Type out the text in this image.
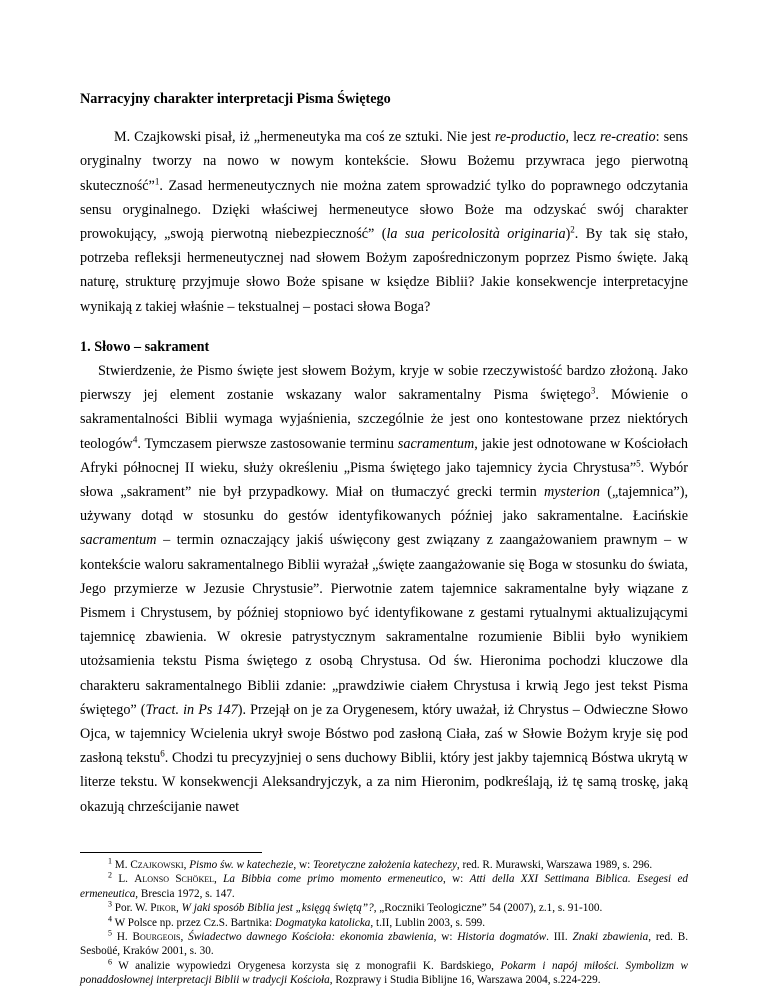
Narracyjny charakter interpretacji Pisma Świętego

M. Czajkowski pisał, iż „hermeneutyka ma coś ze sztuki. Nie jest re-productio, lecz re-creatio: sens oryginalny tworzy na nowo w nowym kontekście. Słowu Bożemu przywraca jego pierwotną skuteczność”$^1$. Zasad hermeneutycznych nie można zatem sprowadzić tylko do poprawnego odczytania sensu oryginalnego. Dzięki właściwej hermeneutyce słowo Boże ma odzyskać swój charakter prowokujący, „swoją pierwotną niebezpieczność” (la sua pericolosità originaria)$^2$. By tak się stało, potrzeba refleksji hermeneutycznej nad słowem Bożym zapośredniczonym poprzez Pismo święte. Jaką naturę, strukturę przyjmuje słowo Boże spisane w księdze Biblii? Jakie konsekwencje interpretacyjne wynikają z takiej właśnie – tekstualnej – postaci słowa Boga?

1. Słowo – sakrament

Stwierdzenie, że Pismo święte jest słowem Bożym, kryje w sobie rzeczywistość bardzo złożoną. Jako pierwszy jej element zostanie wskazany walor sakramentalny Pisma świętego$^3$. Mówienie o sakramentalności Biblii wymaga wyjaśnienia, szczególnie że jest ono kontestowane przez niektórych teologów$^4$. Tymczasem pierwsze zastosowanie terminu sacramentum, jakie jest odnotowane w Kościołach Afryki północnej II wieku, służy określeniu „Pisma świętego jako tajemnicy życia Chrystusa”$^5$. Wybór słowa „sakrament” nie był przypadkowy. Miał on tłumaczyć grecki termin mysterion („tajemnica”), używany dotąd w stosunku do gestów identyfikowanych później jako sakramentalne. Łacińskie sacramentum – termin oznaczający jakiś uświęcony gest związany z zaangażowaniem prawnym – w kontekście waloru sakramentalnego Biblii wyrażał „święte zaangażowanie się Boga w stosunku do świata, Jego przymierze w Jezusie Chrystusie”. Pierwotnie zatem tajemnice sakramentalne były wiązane z Pismem i Chrystusem, by później stopniowo być identyfikowane z gestami rytualnymi aktualizującymi tajemnicę zbawienia. W okresie patrystycznym sakramentalne rozumienie Biblii było wynikiem utożsamienia tekstu Pisma świętego z osobą Chrystusa. Od św. Hieronima pochodzi kluczowe dla charakteru sakramentalnego Biblii zdanie: „prawdziwie ciałem Chrystusa i krwią Jego jest tekst Pisma świętego” (Tract. in Ps 147). Przejął on je za Orygenesem, który uważał, iż Chrystus – Odwieczne Słowo Ojca, w tajemnicy Wcielenia ukrył swoje Bóstwo pod zasłoną Ciała, zaś w Słowie Bożym kryje się pod zasłoną tekstu$^6$. Chodzi tu precyzyjniej o sens duchowy Biblii, który jest jakby tajemnicą Bóstwa ukrytą w literze tekstu. W konsekwencji Aleksandryjczyk, a za nim Hieronim, podkreślają, iż tę samą troskę, jaką okazują chrześcijanie nawet

$^1$ M. Czajkowski, Pismo św. w katechezie, w: Teoretyczne założenia katechezy, red. R. Murawski, Warszawa 1989, s. 296.

$^2$ L. Alonso Schökel, La Bibbia come primo momento ermeneutico, w: Atti della XXI Settimana Biblica. Esegesi ed ermeneutica, Brescia 1972, s. 147.

$^3$ Por. W. Pikor, W jaki sposób Biblia jest „księgą świętą”?, „Roczniki Teologiczne” 54 (2007), z.1, s. 91-100.

$^4$ W Polsce np. przez Cz.S. Bartnika: Dogmatyka katolicka, t.II, Lublin 2003, s. 599.

$^5$ H. Bourgeois, Świadectwo dawnego Kościoła: ekonomia zbawienia, w: Historia dogmatów. III. Znaki zbawienia, red. B. Sesboüé, Kraków 2001, s. 30.

$^6$ W analizie wypowiedzi Orygenesa korzysta się z monografii K. Bardskiego, Pokarm i napój miłości. Symbolizm w ponaddosłownej interpretacji Biblii w tradycji Kościoła, Rozprawy i Studia Biblijne 16, Warszawa 2004, s.224-229.
